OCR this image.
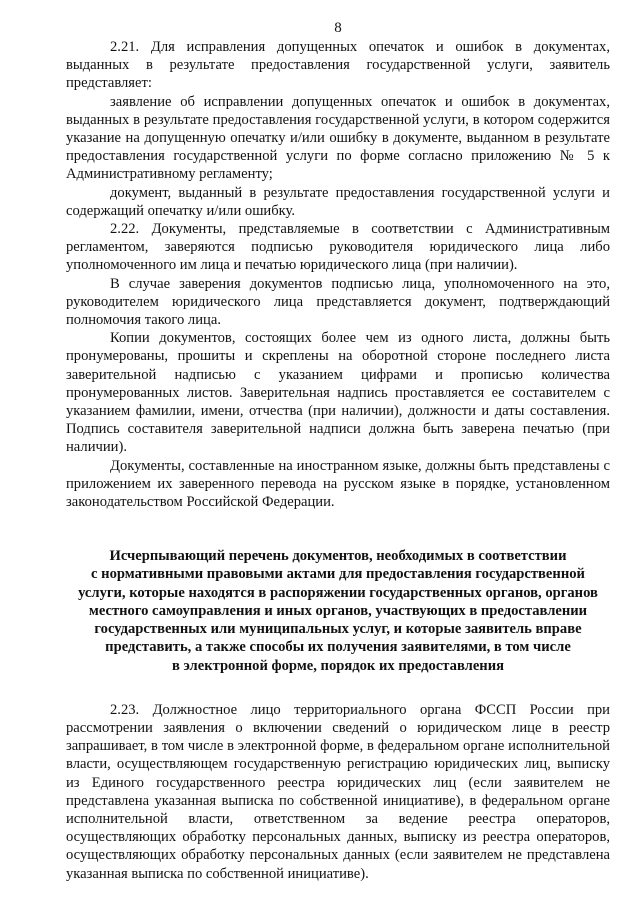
8

2.21. Для исправления допущенных опечаток и ошибок в документах, выданных в результате предоставления государственной услуги, заявитель представляет:

заявление об исправлении допущенных опечаток и ошибок в документах, выданных в результате предоставления государственной услуги, в котором содержится указание на допущенную опечатку и/или ошибку в документе, выданном в результате предоставления государственной услуги по форме согласно приложению № 5 к Административному регламенту;

документ, выданный в результате предоставления государственной услуги и содержащий опечатку и/или ошибку.

2.22. Документы, представляемые в соответствии с Административным регламентом, заверяются подписью руководителя юридического лица либо уполномоченного им лица и печатью юридического лица (при наличии).

В случае заверения документов подписью лица, уполномоченного на это, руководителем юридического лица представляется документ, подтверждающий полномочия такого лица.

Копии документов, состоящих более чем из одного листа, должны быть пронумерованы, прошиты и скреплены на оборотной стороне последнего листа заверительной надписью с указанием цифрами и прописью количества пронумерованных листов. Заверительная надпись проставляется ее составителем с указанием фамилии, имени, отчества (при наличии), должности и даты составления. Подпись составителя заверительной надписи должна быть заверена печатью (при наличии).

Документы, составленные на иностранном языке, должны быть представлены с приложением их заверенного перевода на русском языке в порядке, установленном законодательством Российской Федерации.

Исчерпывающий перечень документов, необходимых в соответствии
с нормативными правовыми актами для предоставления государственной
услуги, которые находятся в распоряжении государственных органов, органов
местного самоуправления и иных органов, участвующих в предоставлении
государственных или муниципальных услуг, и которые заявитель вправе
представить, а также способы их получения заявителями, в том числе
в электронной форме, порядок их предоставления

2.23. Должностное лицо территориального органа ФССП России при рассмотрении заявления о включении сведений о юридическом лице в реестр запрашивает, в том числе в электронной форме, в федеральном органе исполнительной власти, осуществляющем государственную регистрацию юридических лиц, выписку из Единого государственного реестра юридических лиц (если заявителем не представлена указанная выписка по собственной инициативе), в федеральном органе исполнительной власти, ответственном за ведение реестра операторов, осуществляющих обработку персональных данных, выписку из реестра операторов, осуществляющих обработку персональных данных (если заявителем не представлена указанная выписка по собственной инициативе).
